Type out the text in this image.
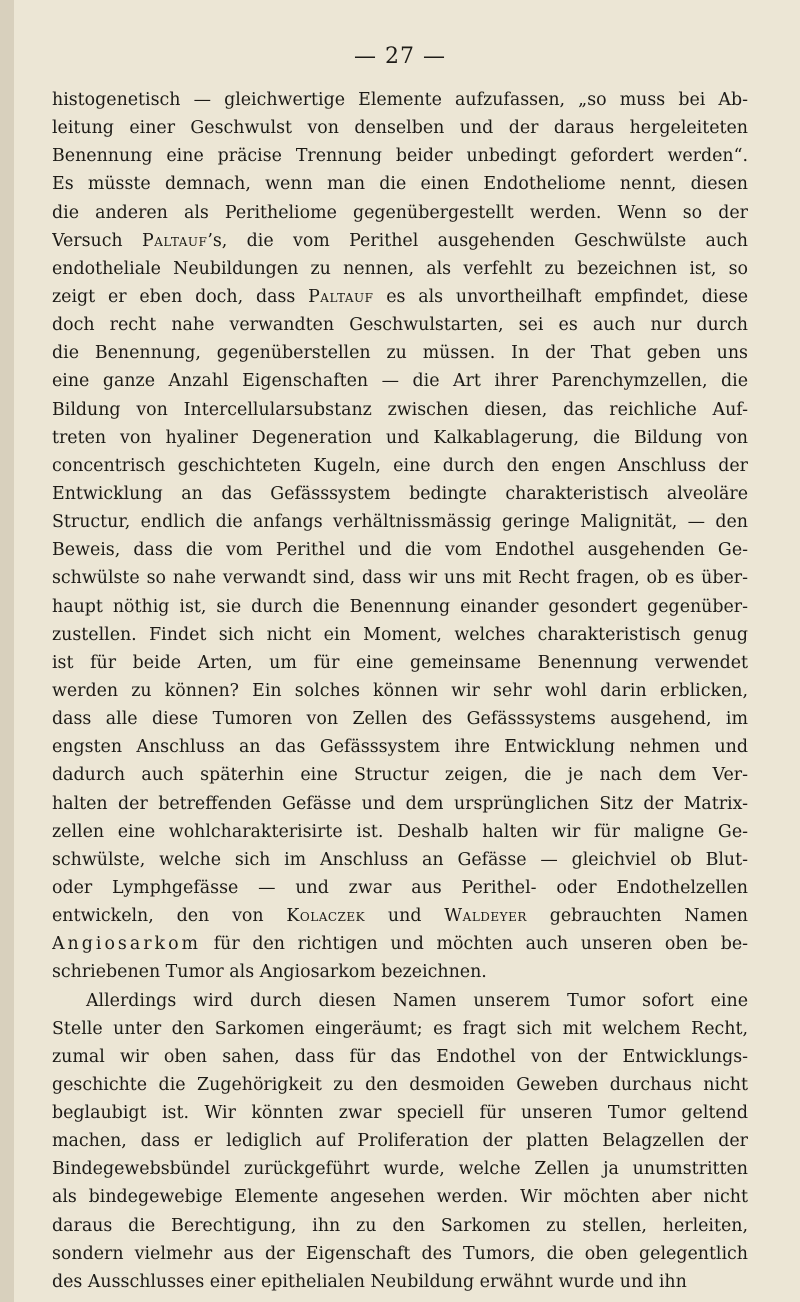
— 27 —
histogenetisch — gleichwertige Elemente aufzufassen, „so muss bei Ab-
leitung einer Geschwulst von denselben und der daraus hergeleiteten
Benennung eine präcise Trennung beider unbedingt gefordert werden“.
Es müsste demnach, wenn man die einen Endotheliome nennt, diesen
die anderen als Peritheliome gegenübergestellt werden. Wenn so der
Versuch Paltauf’s, die vom Perithel ausgehenden Geschwülste auch
endotheliale Neubildungen zu nennen, als verfehlt zu bezeichnen ist, so
zeigt er eben doch, dass Paltauf es als unvortheilhaft empfindet, diese
doch recht nahe verwandten Geschwulstarten, sei es auch nur durch
die Benennung, gegenüberstellen zu müssen. In der That geben uns
eine ganze Anzahl Eigenschaften — die Art ihrer Parenchymzellen, die
Bildung von Intercellularsubstanz zwischen diesen, das reichliche Auf-
treten von hyaliner Degeneration und Kalkablagerung, die Bildung von
concentrisch geschichteten Kugeln, eine durch den engen Anschluss der
Entwicklung an das Gefässsystem bedingte charakteristisch alveoläre
Structur, endlich die anfangs verhältnissmässig geringe Malignität, — den
Beweis, dass die vom Perithel und die vom Endothel ausgehenden Ge-
schwülste so nahe verwandt sind, dass wir uns mit Recht fragen, ob es über-
haupt nöthig ist, sie durch die Benennung einander gesondert gegenüber-
zustellen. Findet sich nicht ein Moment, welches charakteristisch genug
ist für beide Arten, um für eine gemeinsame Benennung verwendet
werden zu können? Ein solches können wir sehr wohl darin erblicken,
dass alle diese Tumoren von Zellen des Gefässsystems ausgehend, im
engsten Anschluss an das Gefässsystem ihre Entwicklung nehmen und
dadurch auch späterhin eine Structur zeigen, die je nach dem Ver-
halten der betreffenden Gefässe und dem ursprünglichen Sitz der Matrix-
zellen eine wohlcharakterisirte ist. Deshalb halten wir für maligne Ge-
schwülste, welche sich im Anschluss an Gefässe — gleichviel ob Blut-
oder Lymphgefässe — und zwar aus Perithel- oder Endothelzellen
entwickeln, den von Kolaczek und Waldeyer gebrauchten Namen
Angiosarkom für den richtigen und möchten auch unseren oben be-
schriebenen Tumor als Angiosarkom bezeichnen.
Allerdings wird durch diesen Namen unserem Tumor sofort eine
Stelle unter den Sarkomen eingeräumt; es fragt sich mit welchem Recht,
zumal wir oben sahen, dass für das Endothel von der Entwicklungs-
geschichte die Zugehörigkeit zu den desmoiden Geweben durchaus nicht
beglaubigt ist. Wir könnten zwar speciell für unseren Tumor geltend
machen, dass er lediglich auf Proliferation der platten Belagzellen der
Bindegewebsbündel zurückgeführt wurde, welche Zellen ja unumstritten
als bindegewebige Elemente angesehen werden. Wir möchten aber nicht
daraus die Berechtigung, ihn zu den Sarkomen zu stellen, herleiten,
sondern vielmehr aus der Eigenschaft des Tumors, die oben gelegentlich
des Ausschlusses einer epithelialen Neubildung erwähnt wurde und ihn
